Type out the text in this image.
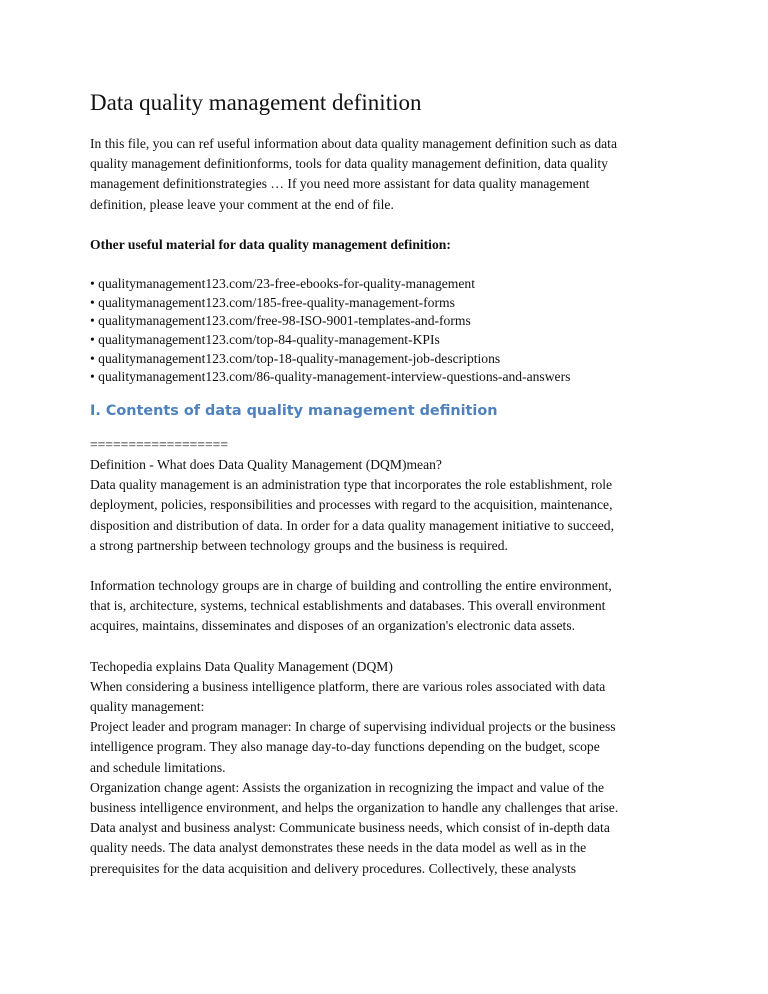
Data quality management definition
In this file, you can ref useful information about data quality management definition such as data
quality management definitionforms, tools for data quality management definition, data quality
management definitionstrategies … If you need more assistant for data quality management
definition, please leave your comment at the end of file.

Other useful material for data quality management definition:

• qualitymanagement123.com/23-free-ebooks-for-quality-management
• qualitymanagement123.com/185-free-quality-management-forms
• qualitymanagement123.com/free-98-ISO-9001-templates-and-forms
• qualitymanagement123.com/top-84-quality-management-KPIs
• qualitymanagement123.com/top-18-quality-management-job-descriptions
• qualitymanagement123.com/86-quality-management-interview-questions-and-answers
I. Contents of data quality management definition
==================
Definition - What does Data Quality Management (DQM)mean?
Data quality management is an administration type that incorporates the role establishment, role
deployment, policies, responsibilities and processes with regard to the acquisition, maintenance,
disposition and distribution of data. In order for a data quality management initiative to succeed,
a strong partnership between technology groups and the business is required.
Information technology groups are in charge of building and controlling the entire environment,
that is, architecture, systems, technical establishments and databases. This overall environment
acquires, maintains, disseminates and disposes of an organization's electronic data assets.
Techopedia explains Data Quality Management (DQM)
When considering a business intelligence platform, there are various roles associated with data
quality management:
Project leader and program manager: In charge of supervising individual projects or the business
intelligence program. They also manage day-to-day functions depending on the budget, scope
and schedule limitations.
Organization change agent: Assists the organization in recognizing the impact and value of the
business intelligence environment, and helps the organization to handle any challenges that arise.
Data analyst and business analyst: Communicate business needs, which consist of in-depth data
quality needs. The data analyst demonstrates these needs in the data model as well as in the
prerequisites for the data acquisition and delivery procedures. Collectively, these analysts
